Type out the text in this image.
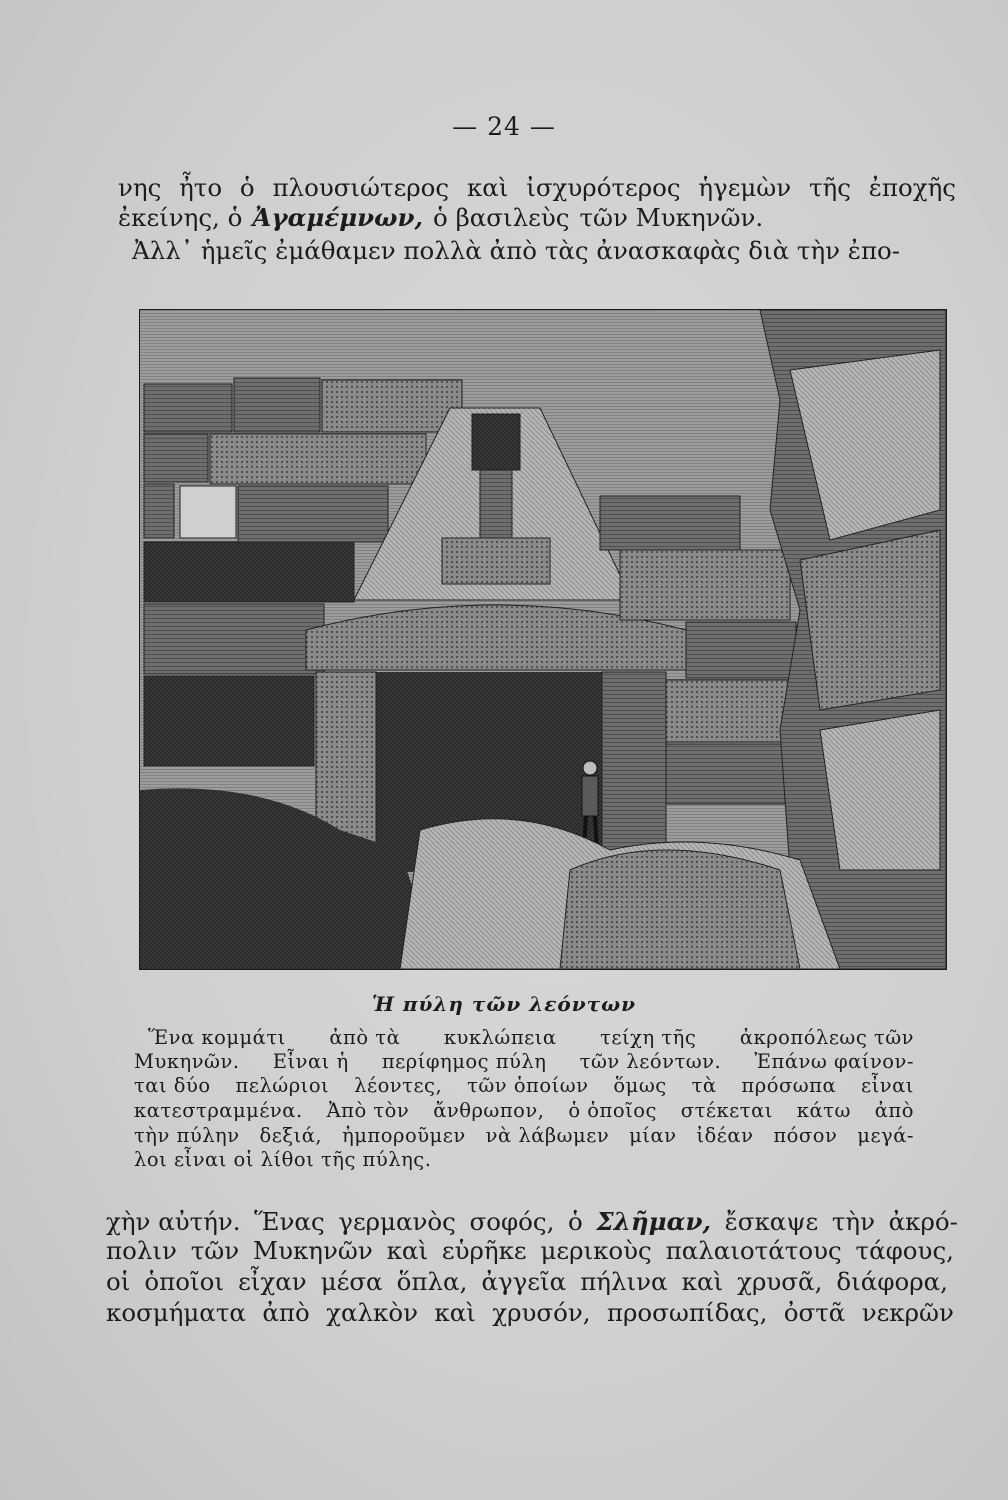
— 24 —
νης ἦτο ὁ πλουσιώτερος καὶ ἰσχυρότερος ἡγεμὼν τῆς ἐποχῆς
ἐκείνης, ὁ Ἀγαμέμνων, ὁ βασιλεὺς τῶν Μυκηνῶν.
Ἀλλ᾿ ἡμεῖς ἐμάθαμεν πολλὰ ἀπὸ τὰς ἀνασκαφὰς διὰ τὴν ἐπο-
Ἡ πύλη τῶν λεόντων
Ἕνα κομμάτι ἀπὸ τὰ κυκλώπεια τείχη τῆς ἀκροπόλεως τῶν
Μυκηνῶν. Εἶναι ἡ περίφημος πύλη τῶν λεόντων. Ἐπάνω φαίνον-
ται δύο πελώριοι λέοντες, τῶν ὁποίων ὅμως τὰ πρόσωπα εἶναι
κατεστραμμένα. Ἀπὸ τὸν ἄνθρωπον, ὁ ὁποῖος στέκεται κάτω ἀπὸ
τὴν πύλην δεξιά, ἠμποροῦμεν νὰ λάβωμεν μίαν ἰδέαν πόσον μεγά-
λοι εἶναι οἱ λίθοι τῆς πύλης.
χὴν αὐτήν. Ἕνας γερμανὸς σοφός, ὁ Σλῆμαν, ἔσκαψε τὴν ἀκρό-
πολιν τῶν Μυκηνῶν καὶ εὑρῆκε μερικοὺς παλαιοτάτους τάφους,
οἱ ὁποῖοι εἶχαν μέσα ὅπλα, ἀγγεῖα πήλινα καὶ χρυσᾶ, διάφορα,
κοσμήματα ἀπὸ χαλκὸν καὶ χρυσόν, προσωπίδας, ὀστᾶ νεκρῶν
